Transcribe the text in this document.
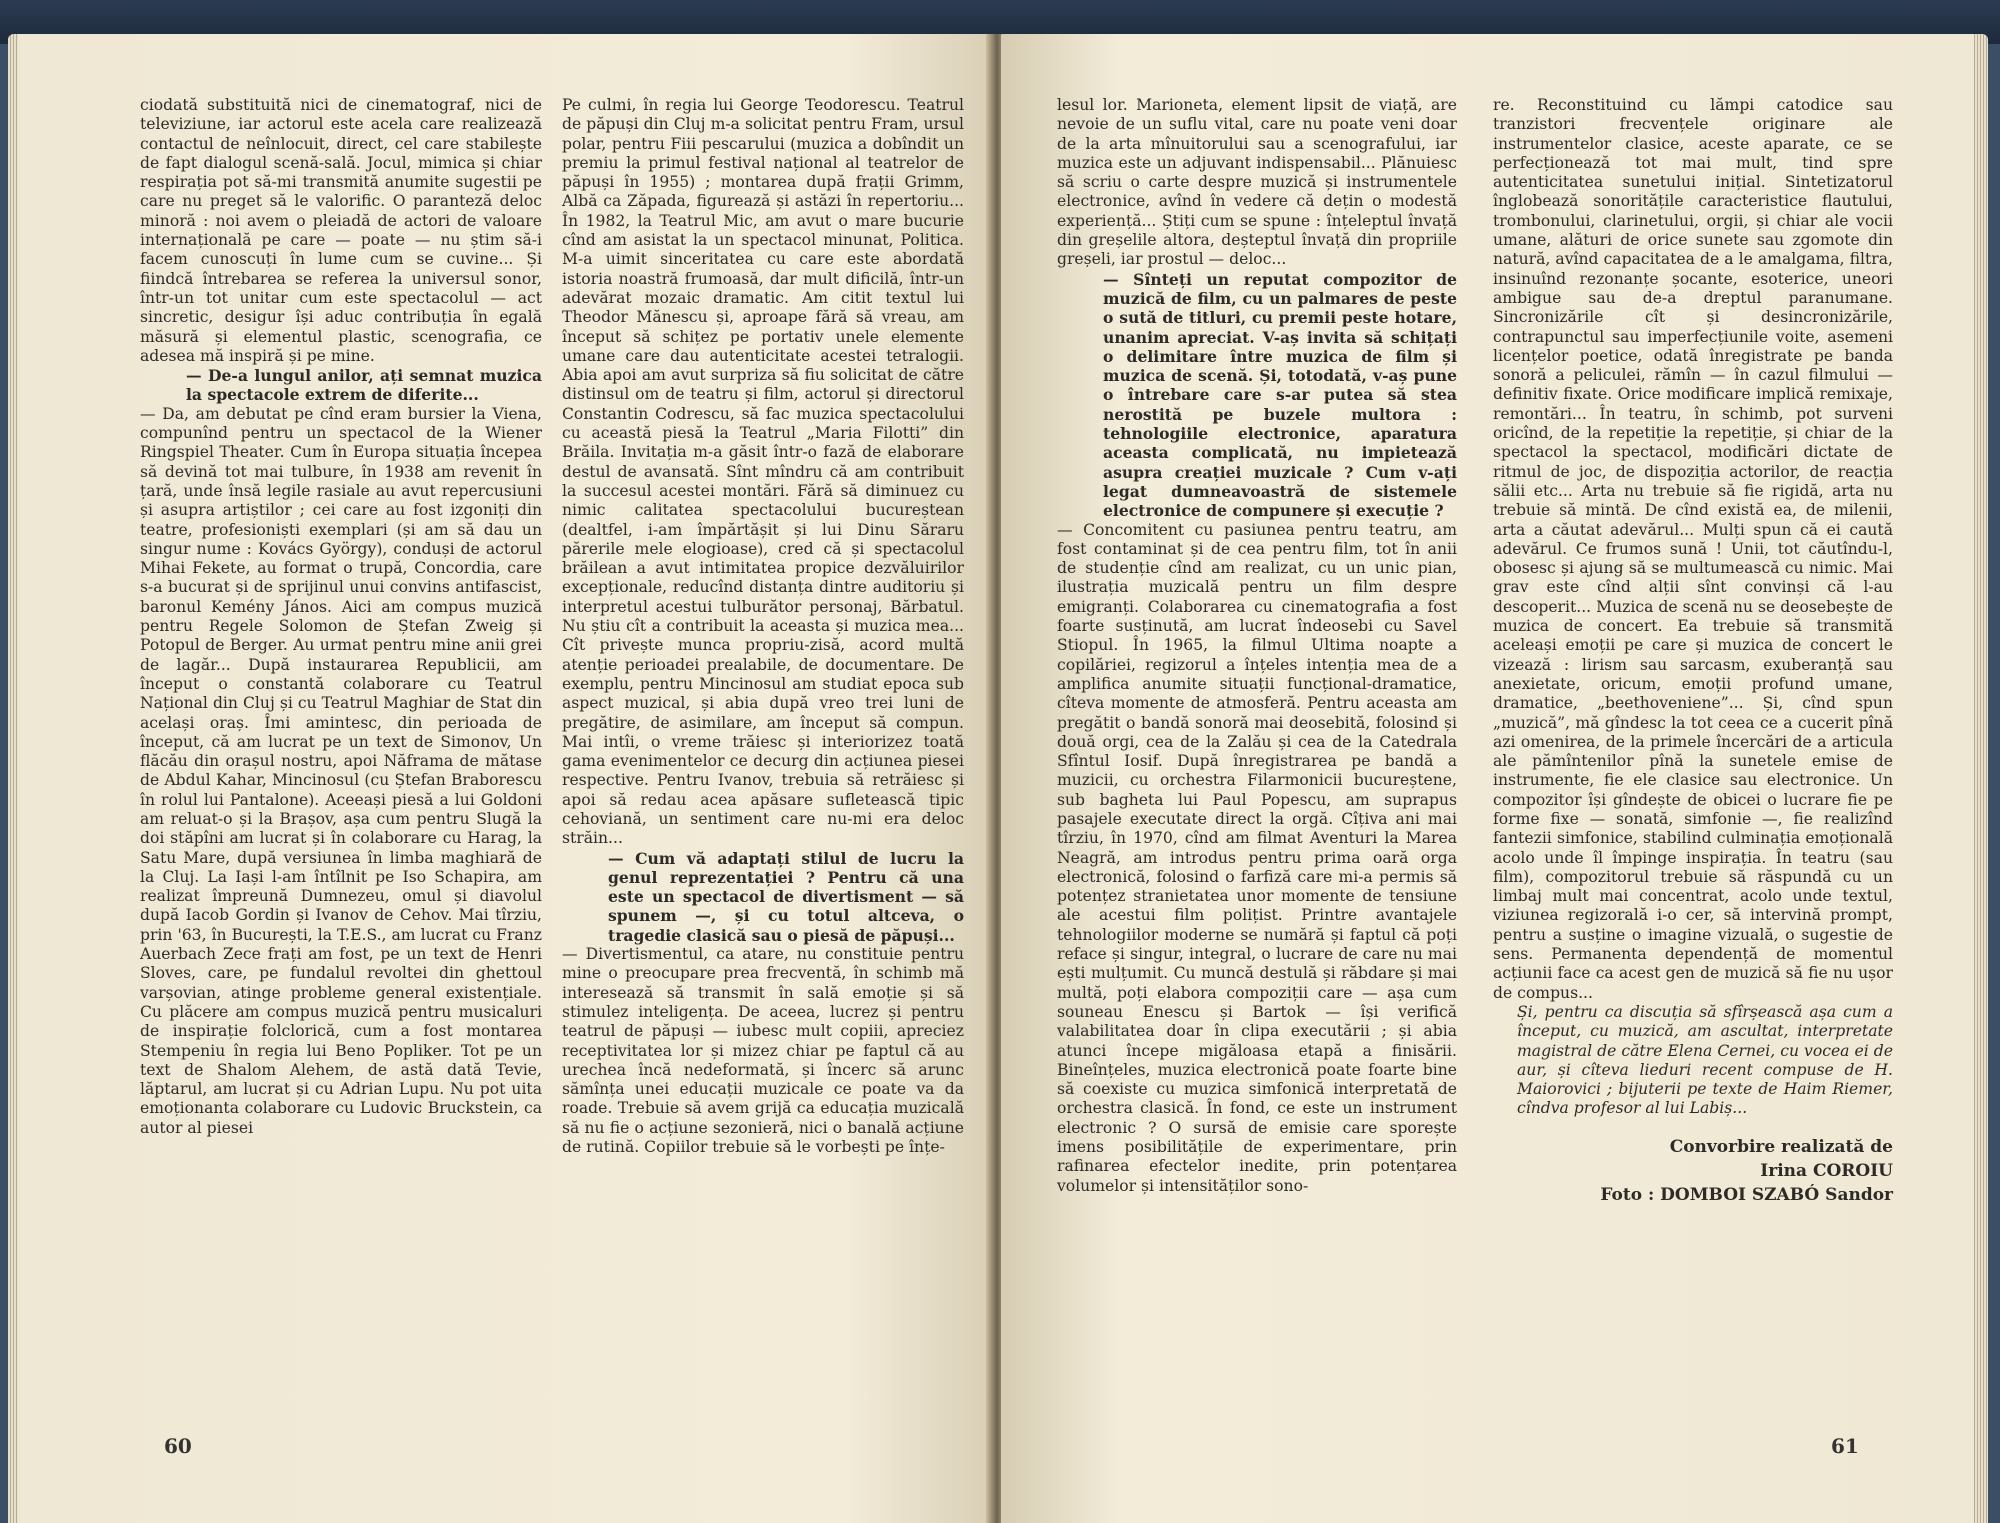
ciodată substituită nici de cinematograf, nici de televiziune, iar actorul este acela care realizează contactul de neînlocuit, direct, cel care stabilește de fapt dialogul scenă-sală. Jocul, mimica și chiar respirația pot să-mi transmită anumite sugestii pe care nu preget să le valorific. O paranteză deloc minoră : noi avem o pleiadă de actori de valoare internațională pe care — poate — nu știm să-i facem cunoscuți în lume cum se cuvine... Și fiindcă întrebarea se referea la universul sonor, într-un tot unitar cum este spectacolul — act sincretic, desigur își aduc contribuția în egală măsură și elementul plastic, scenografia, ce adesea mă inspiră și pe mine.

— De-a lungul anilor, ați semnat muzica la spectacole extrem de diferite...

— Da, am debutat pe cînd eram bursier la Viena, compunînd pentru un spectacol de la Wiener Ringspiel Theater. Cum în Europa situația începea să devină tot mai tulbure, în 1938 am revenit în țară, unde însă legile rasiale au avut repercusiuni și asupra artiștilor ; cei care au fost izgoniți din teatre, profesioniști exemplari (și am să dau un singur nume : Kovács György), conduși de actorul Mihai Fekete, au format o trupă, Concordia, care s-a bucurat și de sprijinul unui convins antifascist, baronul Kemény János. Aici am compus muzică pentru Regele Solomon de Ștefan Zweig și Potopul de Berger. Au urmat pentru mine anii grei de lagăr... După instaurarea Republicii, am început o constantă colaborare cu Teatrul Național din Cluj și cu Teatrul Maghiar de Stat din același oraș. Îmi amintesc, din perioada de început, că am lucrat pe un text de Simonov, Un flăcău din orașul nostru, apoi Năframa de mătase de Abdul Kahar, Mincinosul (cu Ștefan Braborescu în rolul lui Pantalone). Aceeași piesă a lui Goldoni am reluat-o și la Brașov, așa cum pentru Slugă la doi stăpîni am lucrat și în colaborare cu Harag, la Satu Mare, după versiunea în limba maghiară de la Cluj. La Iași l-am întîlnit pe Iso Schapira, am realizat împreună Dumnezeu, omul și diavolul după Iacob Gordin și Ivanov de Cehov. Mai tîrziu, prin '63, în București, la T.E.S., am lucrat cu Franz Auerbach Zece frați am fost, pe un text de Henri Sloves, care, pe fundalul revoltei din ghettoul varșovian, atinge probleme general existențiale. Cu plăcere am compus muzică pentru musicaluri de inspirație folclorică, cum a fost montarea Stempeniu în regia lui Beno Popliker. Tot pe un text de Shalom Alehem, de astă dată Tevie, lăptarul, am lucrat și cu Adrian Lupu. Nu pot uita emoționanta colaborare cu Ludovic Bruckstein, ca autor al piesei

Pe culmi, în regia lui George Teodorescu. Teatrul de păpuși din Cluj m-a solicitat pentru Fram, ursul polar, pentru Fiii pescarului (muzica a dobîndit un premiu la primul festival național al teatrelor de păpuși în 1955) ; montarea după frații Grimm, Albă ca Zăpada, figurează și astăzi în repertoriu... În 1982, la Teatrul Mic, am avut o mare bucurie cînd am asistat la un spectacol minunat, Politica. M-a uimit sinceritatea cu care este abordată istoria noastră frumoasă, dar mult dificilă, într-un adevărat mozaic dramatic. Am citit textul lui Theodor Mănescu și, aproape fără să vreau, am început să schițez pe portativ unele elemente umane care dau autenticitate acestei tetralogii. Abia apoi am avut surpriza să fiu solicitat de către distinsul om de teatru și film, actorul și directorul Constantin Codrescu, să fac muzica spectacolului cu această piesă la Teatrul „Maria Filotti” din Brăila. Invitația m-a găsit într-o fază de elaborare destul de avansată. Sînt mîndru că am contribuit la succesul acestei montări. Fără să diminuez cu nimic calitatea spectacolului bucureștean (dealtfel, i-am împărtășit și lui Dinu Săraru părerile mele elogioase), cred că și spectacolul brăilean a avut intimitatea propice dezvăluirilor excepționale, reducînd distanța dintre auditoriu și interpretul acestui tulburător personaj, Bărbatul. Nu știu cît a contribuit la aceasta și muzica mea... Cît privește munca propriu-zisă, acord multă atenție perioadei prealabile, de documentare. De exemplu, pentru Mincinosul am studiat epoca sub aspect muzical, și abia după vreo trei luni de pregătire, de asimilare, am început să compun. Mai intîi, o vreme trăiesc și interiorizez toată gama evenimentelor ce decurg din acțiunea piesei respective. Pentru Ivanov, trebuia să retrăiesc și apoi să redau acea apăsare sufletească tipic cehoviană, un sentiment care nu-mi era deloc străin...

— Cum vă adaptați stilul de lucru la genul reprezentației ? Pentru că una este un spectacol de divertisment — să spunem —, și cu totul altceva, o tragedie clasică sau o piesă de păpuși...

— Divertismentul, ca atare, nu constituie pentru mine o preocupare prea frecventă, în schimb mă interesează să transmit în sală emoție și să stimulez inteligența. De aceea, lucrez și pentru teatrul de păpuși — iubesc mult copiii, apreciez receptivitatea lor și mizez chiar pe faptul că au urechea încă nedeformată, și încerc să arunc sămînța unei educații muzicale ce poate va da roade. Trebuie să avem grijă ca educația muzicală să nu fie o acțiune sezonieră, nici o banală acțiune de rutină. Copiilor trebuie să le vorbești pe înțe-

60

lesul lor. Marioneta, element lipsit de viață, are nevoie de un suflu vital, care nu poate veni doar de la arta mînuitorului sau a scenografului, iar muzica este un adjuvant indispensabil... Plănuiesc să scriu o carte despre muzică și instrumentele electronice, avînd în vedere că dețin o modestă experiență... Știți cum se spune : înțeleptul învață din greșelile altora, deșteptul învață din propriile greșeli, iar prostul — deloc...

— Sînteți un reputat compozitor de muzică de film, cu un palmares de peste o sută de titluri, cu premii peste hotare, unanim apreciat. V-aș invita să schițați o delimitare între muzica de film și muzica de scenă. Și, totodată, v-aș pune o întrebare care s-ar putea să stea nerostită pe buzele multora : tehnologiile electronice, aparatura aceasta complicată, nu impietează asupra creației muzicale ? Cum v-ați legat dumneavoastră de sistemele electronice de compunere și execuție ?

— Concomitent cu pasiunea pentru teatru, am fost contaminat și de cea pentru film, tot în anii de studenție cînd am realizat, cu un unic pian, ilustrația muzicală pentru un film despre emigranți. Colaborarea cu cinematografia a fost foarte susținută, am lucrat îndeosebi cu Savel Stiopul. În 1965, la filmul Ultima noapte a copilăriei, regizorul a înțeles intenția mea de a amplifica anumite situații funcțional-dramatice, cîteva momente de atmosferă. Pentru aceasta am pregătit o bandă sonoră mai deosebită, folosind și două orgi, cea de la Zalău și cea de la Catedrala Sfîntul Iosif. După înregistrarea pe bandă a muzicii, cu orchestra Filarmonicii bucureștene, sub bagheta lui Paul Popescu, am suprapus pasajele executate direct la orgă. Cîțiva ani mai tîrziu, în 1970, cînd am filmat Aventuri la Marea Neagră, am introdus pentru prima oară orga electronică, folosind o farfiză care mi-a permis să potențez stranietatea unor momente de tensiune ale acestui film polițist. Printre avantajele tehnologiilor moderne se numără și faptul că poți reface și singur, integral, o lucrare de care nu mai ești mulțumit. Cu muncă destulă și răbdare și mai multă, poți elabora compoziții care — așa cum souneau Enescu și Bartok — își verifică valabilitatea doar în clipa executării ; și abia atunci începe migăloasa etapă a finisării. Bineînțeles, muzica electronică poate foarte bine să coexiste cu muzica simfonică interpretată de orchestra clasică. În fond, ce este un instrument electronic ? O sursă de emisie care sporește imens posibilitățile de experimentare, prin rafinarea efectelor inedite, prin potențarea volumelor și intensităților sono-

re. Reconstituind cu lămpi catodice sau tranzistori frecvențele originare ale instrumentelor clasice, aceste aparate, ce se perfecționează tot mai mult, tind spre autenticitatea sunetului inițial. Sintetizatorul înglobează sonoritățile caracteristice flautului, trombonului, clarinetului, orgii, și chiar ale vocii umane, alături de orice sunete sau zgomote din natură, avînd capacitatea de a le amalgama, filtra, insinuînd rezonanțe șocante, esoterice, uneori ambigue sau de-a dreptul paranumane. Sincronizările cît și desincronizările, contrapunctul sau imperfecțiunile voite, asemeni licențelor poetice, odată înregistrate pe banda sonoră a peliculei, rămîn — în cazul filmului — definitiv fixate. Orice modificare implică remixaje, remontări... În teatru, în schimb, pot surveni oricînd, de la repetiție la repetiție, și chiar de la spectacol la spectacol, modificări dictate de ritmul de joc, de dispoziția actorilor, de reacția sălii etc... Arta nu trebuie să fie rigidă, arta nu trebuie să mintă. De cînd există ea, de milenii, arta a căutat adevărul... Mulți spun că ei caută adevărul. Ce frumos sună ! Unii, tot căutîndu-l, obosesc și ajung să se multumească cu nimic. Mai grav este cînd alții sînt convinși că l-au descoperit... Muzica de scenă nu se deosebește de muzica de concert. Ea trebuie să transmită aceleași emoții pe care și muzica de concert le vizează : lirism sau sarcasm, exuberanță sau anexietate, oricum, emoții profund umane, dramatice, „beethoveniene”... Și, cînd spun „muzică”, mă gîndesc la tot ceea ce a cucerit pînă azi omenirea, de la primele încercări de a articula ale pămîntenilor pînă la sunetele emise de instrumente, fie ele clasice sau electronice. Un compozitor își gîndește de obicei o lucrare fie pe forme fixe — sonată, simfonie —, fie realizînd fantezii simfonice, stabilind culminația emoțională acolo unde îl împinge inspirația. În teatru (sau film), compozitorul trebuie să răspundă cu un limbaj mult mai concentrat, acolo unde textul, viziunea regizorală i-o cer, să intervină prompt, pentru a susține o imagine vizuală, o sugestie de sens. Permanenta dependență de momentul acțiunii face ca acest gen de muzică să fie nu ușor de compus...

Și, pentru ca discuția să sfîrșească așa cum a început, cu muzică, am ascultat, interpretate magistral de către Elena Cernei, cu vocea ei de aur, și cîteva lieduri recent compuse de H. Maiorovici ; bijuterii pe texte de Haim Riemer, cîndva profesor al lui Labiș...

Convorbire realizată de
Irina COROIU
Foto : DOMBOI SZABÓ Sandor
61
